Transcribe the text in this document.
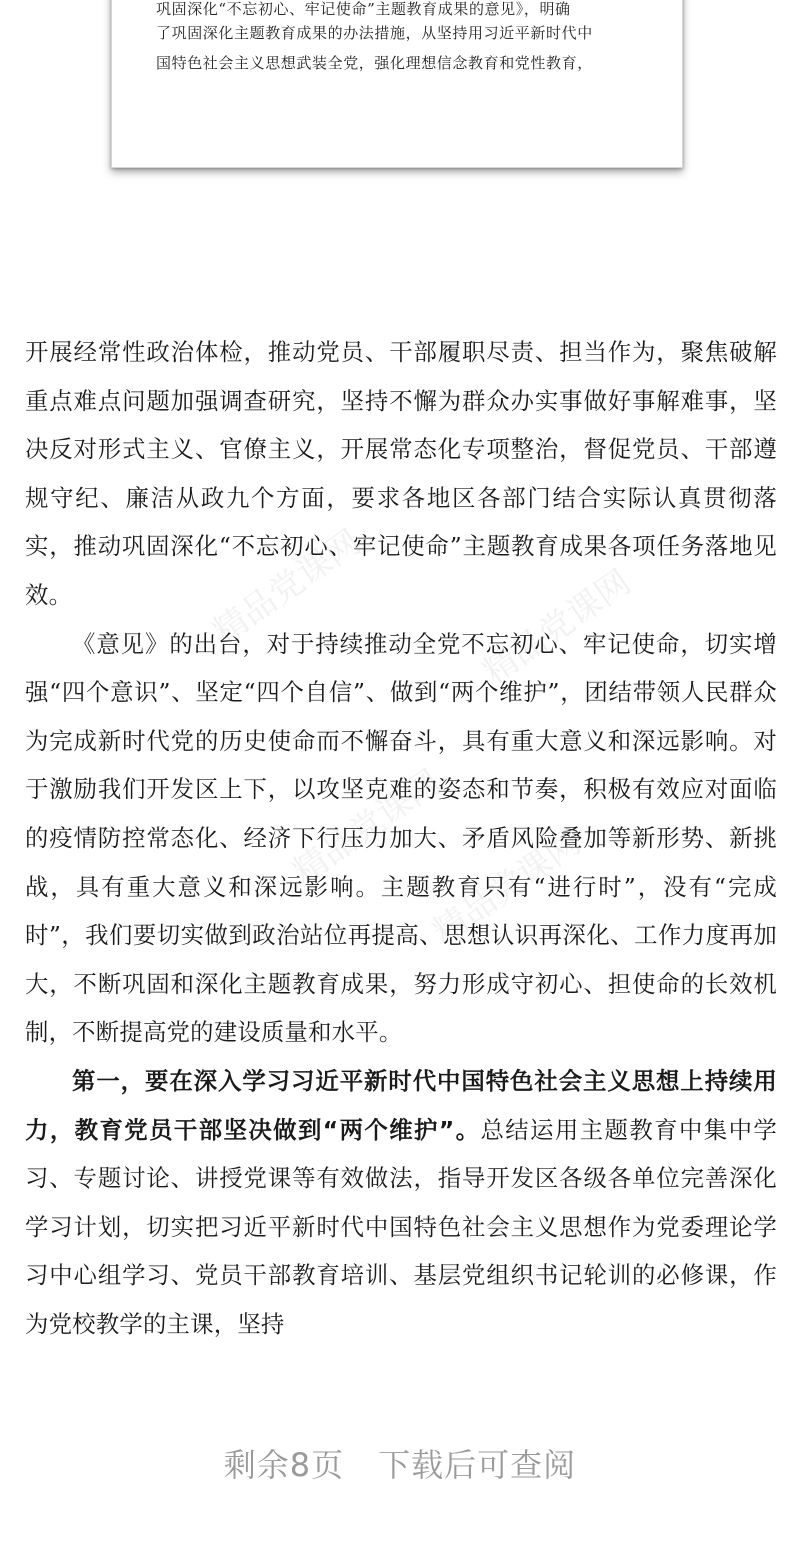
巩固深化“不忘初心、牢记使命”主题教育成果的意见》，明确
了巩固深化主题教育成果的办法措施，从坚持用习近平新时代中
国特色社会主义思想武装全党，强化理想信念教育和党性教育，
精品党课网	精品党课网
精品党课网
精品党课网

开展经常性政治体检，推动党员、干部履职尽责、担当作为，聚焦破解重点难点问题加强调查研究，坚持不懈为群众办实事做好事解难事，坚决反对形式主义、官僚主义，开展常态化专项整治，督促党员、干部遵规守纪、廉洁从政九个方面，要求各地区各部门结合实际认真贯彻落实，推动巩固深化“不忘初心、牢记使命”主题教育成果各项任务落地见效。

《意见》的出台，对于持续推动全党不忘初心、牢记使命，切实增强“四个意识”、坚定“四个自信”、做到“两个维护”，团结带领人民群众为完成新时代党的历史使命而不懈奋斗，具有重大意义和深远影响。对于激励我们开发区上下，以攻坚克难的姿态和节奏，积极有效应对面临的疫情防控常态化、经济下行压力加大、矛盾风险叠加等新形势、新挑战，具有重大意义和深远影响。主题教育只有“进行时”，没有“完成时”，我们要切实做到政治站位再提高、思想认识再深化、工作力度再加大，不断巩固和深化主题教育成果，努力形成守初心、担使命的长效机制，不断提高党的建设质量和水平。

第一，要在深入学习习近平新时代中国特色社会主义思想上持续用力，教育党员干部坚决做到“两个维护”。总结运用主题教育中集中学习、专题讨论、讲授党课等有效做法，指导开发区各级各单位完善深化学习计划，切实把习近平新时代中国特色社会主义思想作为党委理论学习中心组学习、党员干部教育培训、基层党组织书记轮训的必修课，作为党校教学的主课，坚持

剩余8页 下载后可查阅
